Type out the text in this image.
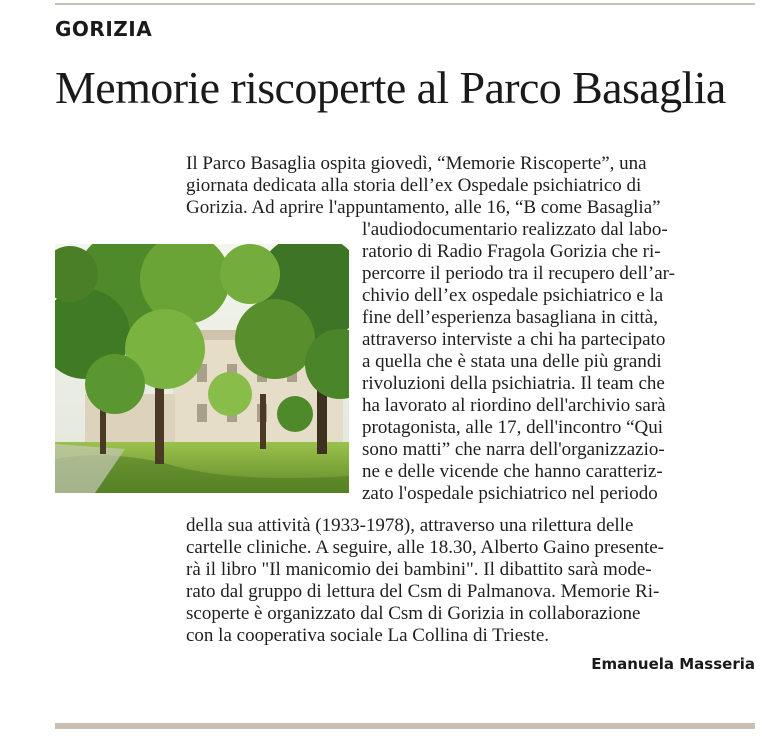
GORIZIA
Memorie riscoperte al Parco Basaglia
Il Parco Basaglia ospita giovedì, “Memorie Riscoperte”, una
giornata dedicata alla storia dell’ex Ospedale psichiatrico di
Gorizia. Ad aprire l'appuntamento, alle 16, “B come Basaglia”
l'audiodocumentario realizzato dal labo-
ratorio di Radio Fragola Gorizia che ri-
percorre il periodo tra il recupero dell’ar-
chivio dell’ex ospedale psichiatrico e la
fine dell’esperienza basagliana in città,
attraverso interviste a chi ha partecipato
a quella che è stata una delle più grandi
rivoluzioni della psichiatria. Il team che
ha lavorato al riordino dell'archivio sarà
protagonista, alle 17, dell'incontro “Qui
sono matti” che narra dell'organizzazio-
ne e delle vicende che hanno caratteriz-
zato l'ospedale psichiatrico nel periodo
della sua attività (1933-1978), attraverso una rilettura delle
cartelle cliniche. A seguire, alle 18.30, Alberto Gaino presente-
rà il libro "Il manicomio dei bambini". Il dibattito sarà mode-
rato dal gruppo di lettura del Csm di Palmanova. Memorie Ri-
scoperte è organizzato dal Csm di Gorizia in collaborazione
con la cooperativa sociale La Collina di Trieste.
Emanuela Masseria
